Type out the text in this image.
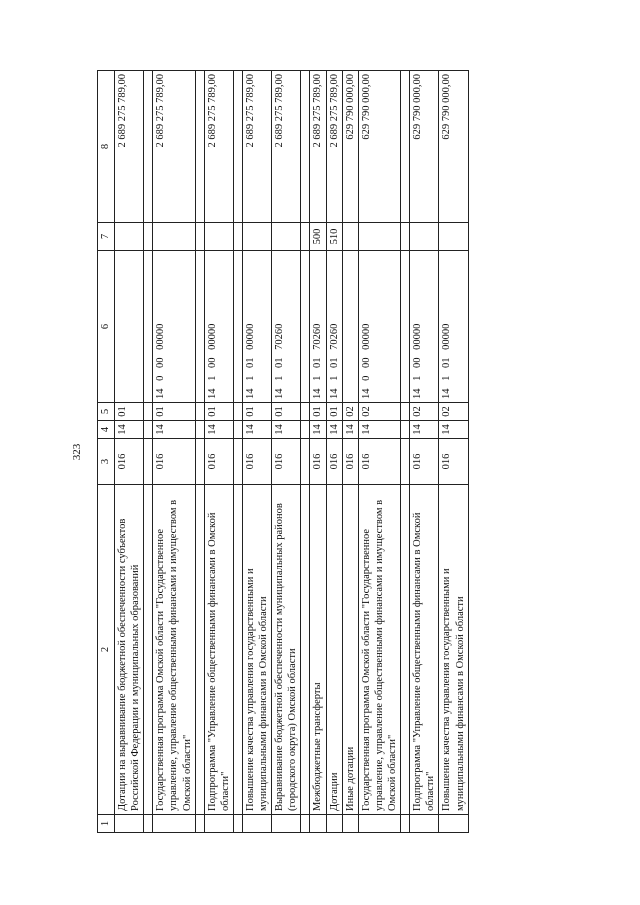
323
1	2	3	4	5	6	7	8
	Дотации на выравнивание бюджетной обеспеченности субъектов Российской Федерации и муниципальных образований	016	14	01			2 689 275 789,00

	Государственная программа Омской области "Государственное управление, управление общественными финансами и имуществом в Омской области"	016	14	01	14 0 00 00000		2 689 275 789,00

	Подпрограмма "Управление общественными финансами в Омской области"	016	14	01	14 1 00 00000		2 689 275 789,00

	Повышение качества управления государственными и муниципальными финансами в Омской области	016	14	01	14 1 01 00000		2 689 275 789,00
	Выравнивание бюджетной обеспеченности муниципальных районов (городского округа) Омской области	016	14	01	14 1 01 70260		2 689 275 789,00

	Межбюджетные трансферты	016	14	01	14 1 01 70260	500	2 689 275 789,00
	Дотации	016	14	01	14 1 01 70260	510	2 689 275 789,00
	Иные дотации	016	14	02			629 790 000,00
	Государственная программа Омской области "Государственное управление, управление общественными финансами и имуществом в Омской области"	016	14	02	14 0 00 00000		629 790 000,00

	Подпрограмма "Управление общественными финансами в Омской области"	016	14	02	14 1 00 00000		629 790 000,00
	Повышение качества управления государственными и муниципальными финансами в Омской области	016	14	02	14 1 01 00000		629 790 000,00
